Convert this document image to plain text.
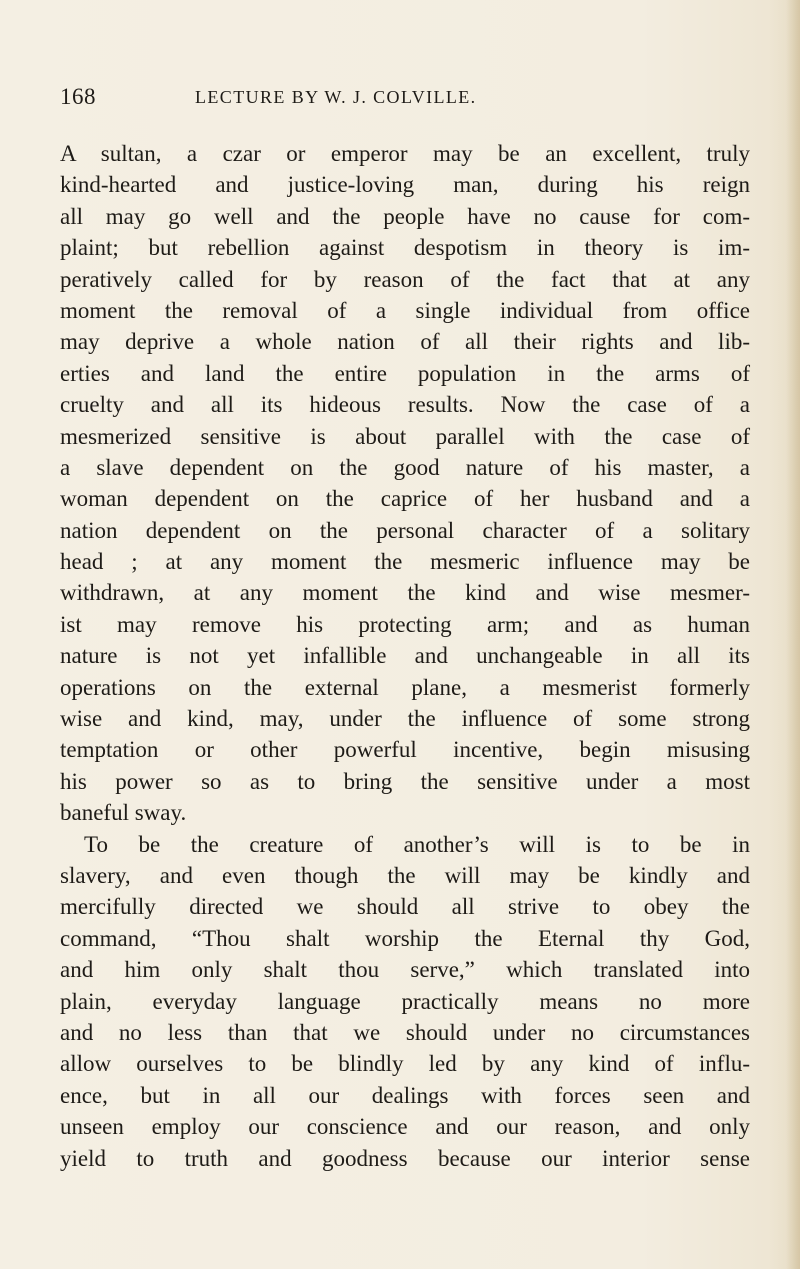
168	LECTURE BY W. J. COLVILLE.
A sultan, a czar or emperor may be an excellent, truly
kind-hearted and justice-loving man, during his reign
all may go well and the people have no cause for com-
plaint; but rebellion against despotism in theory is im-
peratively called for by reason of the fact that at any
moment the removal of a single individual from office
may deprive a whole nation of all their rights and lib-
erties and land the entire population in the arms of
cruelty and all its hideous results. Now the case of a
mesmerized sensitive is about parallel with the case of
a slave dependent on the good nature of his master, a
woman dependent on the caprice of her husband and a
nation dependent on the personal character of a solitary
head ; at any moment the mesmeric influence may be
withdrawn, at any moment the kind and wise mesmer-
ist may remove his protecting arm; and as human
nature is not yet infallible and unchangeable in all its
operations on the external plane, a mesmerist formerly
wise and kind, may, under the influence of some strong
temptation or other powerful incentive, begin misusing
his power so as to bring the sensitive under a most
baneful sway.
To be the creature of another’s will is to be in
slavery, and even though the will may be kindly and
mercifully directed we should all strive to obey the
command, “Thou shalt worship the Eternal thy God,
and him only shalt thou serve,” which translated into
plain, everyday language practically means no more
and no less than that we should under no circumstances
allow ourselves to be blindly led by any kind of influ-
ence, but in all our dealings with forces seen and
unseen employ our conscience and our reason, and only
yield to truth and goodness because our interior sense
